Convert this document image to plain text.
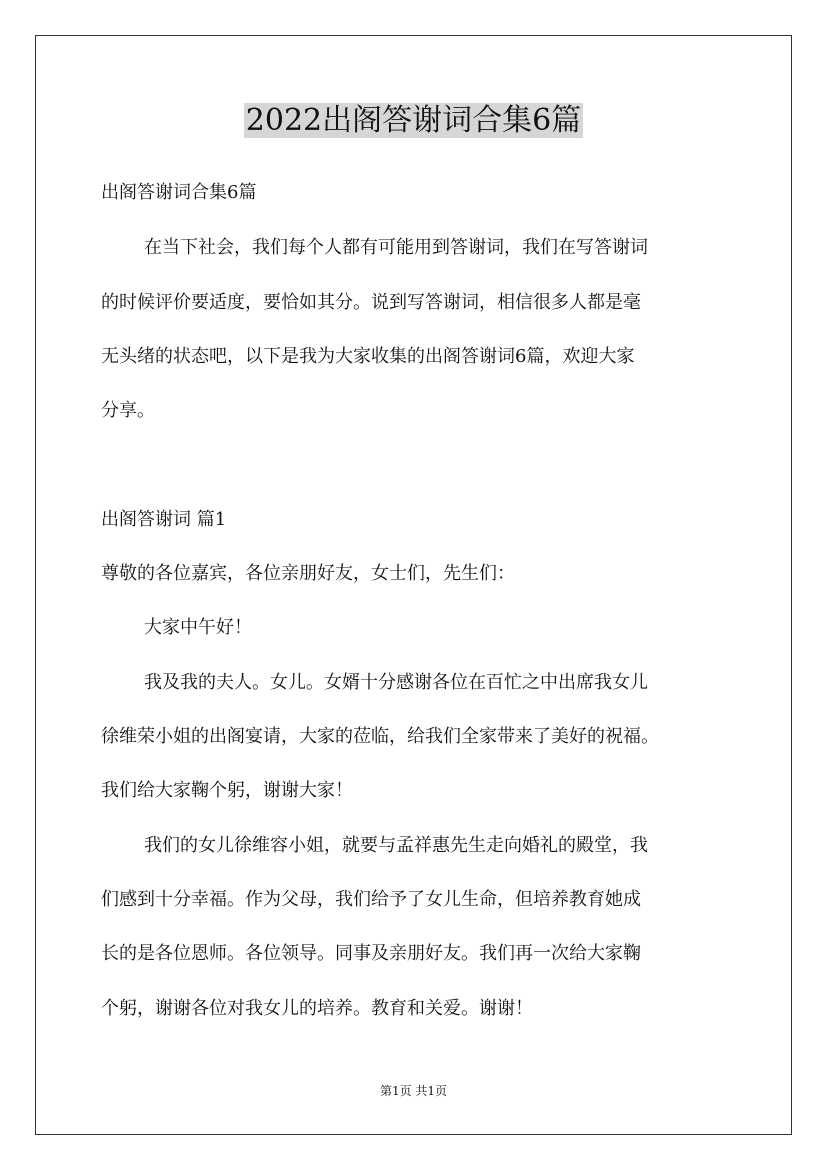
2022出阁答谢词合集6篇
出阁答谢词合集6篇
在当下社会，我们每个人都有可能用到答谢词，我们在写答谢词
的时候评价要适度，要恰如其分。说到写答谢词，相信很多人都是毫
无头绪的状态吧，以下是我为大家收集的出阁答谢词6篇，欢迎大家
分享。
出阁答谢词 篇1
尊敬的各位嘉宾，各位亲朋好友，女士们，先生们：
大家中午好！
我及我的夫人。女儿。女婿十分感谢各位在百忙之中出席我女儿
徐维荣小姐的出阁宴请，大家的莅临，给我们全家带来了美好的祝福。
我们给大家鞠个躬，谢谢大家！
我们的女儿徐维容小姐，就要与孟祥惠先生走向婚礼的殿堂，我
们感到十分幸福。作为父母，我们给予了女儿生命，但培养教育她成
长的是各位恩师。各位领导。同事及亲朋好友。我们再一次给大家鞠
个躬，谢谢各位对我女儿的培养。教育和关爱。谢谢！
第1页 共1页
